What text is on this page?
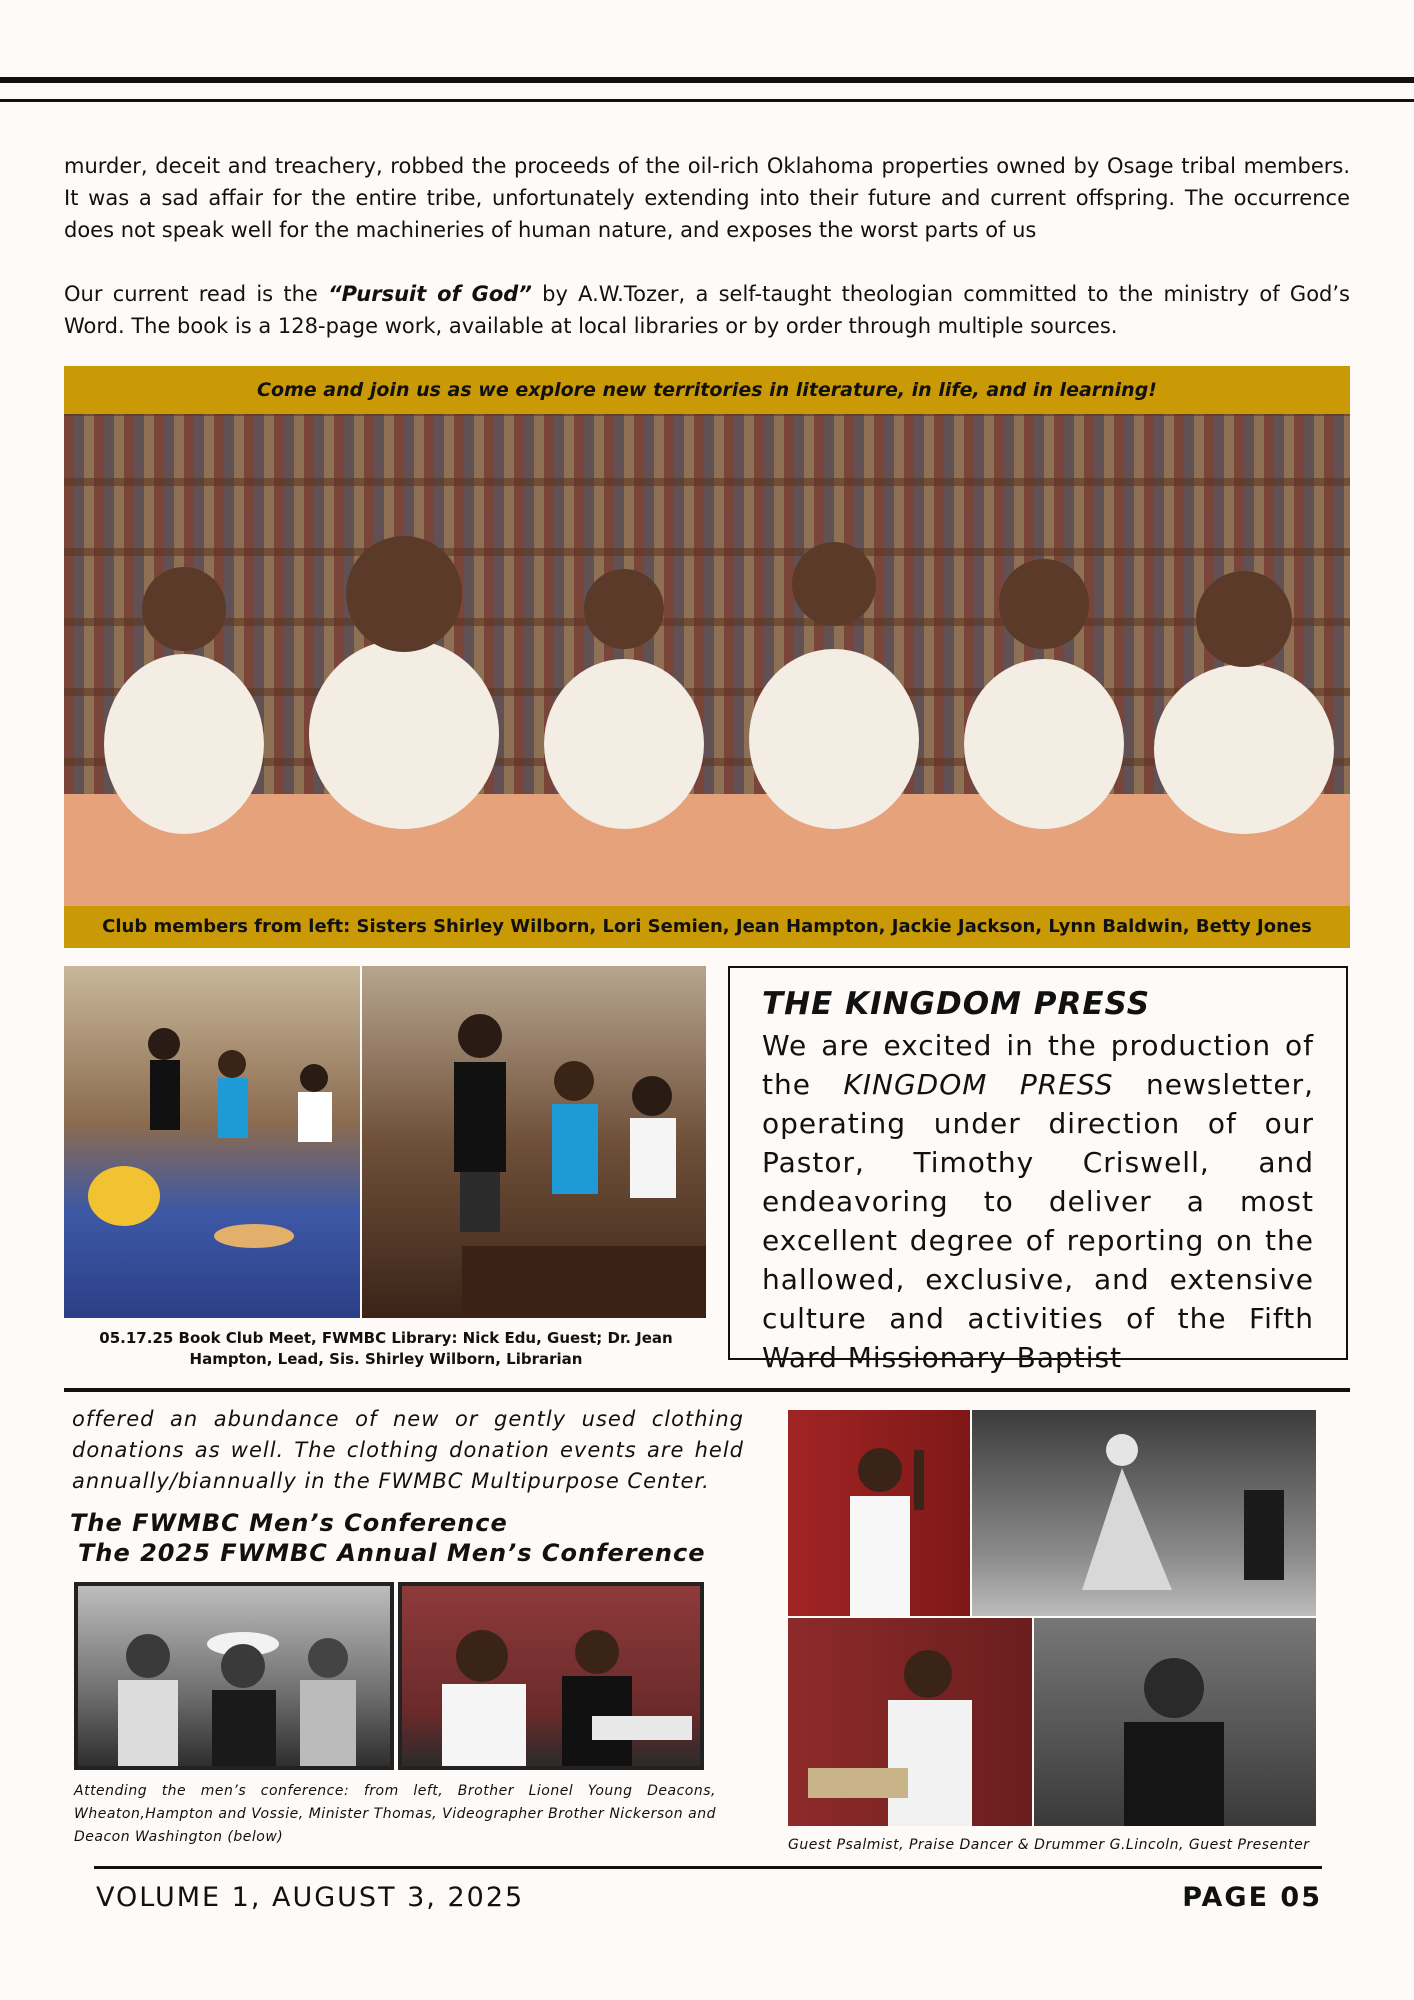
murder, deceit and treachery, robbed the proceeds of the oil-rich Oklahoma properties owned by Osage tribal members. It was a sad affair for the entire tribe, unfortunately extending into their future and current offspring. The occurrence does not speak well for the machineries of human nature, and exposes the worst parts of us

Our current read is the “Pursuit of God” by A.W.Tozer, a self-taught theologian committed to the ministry of God’s Word. The book is a 128-page work, available at local libraries or by order through multiple sources.

Come and join us as we explore new territories in literature, in life, and in learning!
Club members from left: Sisters Shirley Wilborn, Lori Semien, Jean Hampton, Jackie Jackson, Lynn Baldwin, Betty Jones
05.17.25 Book Club Meet, FWMBC Library: Nick Edu, Guest; Dr. Jean Hampton, Lead, Sis. Shirley Wilborn, Librarian
THE KINGDOM PRESS

We are excited in the production of the KINGDOM PRESS newsletter, operating under direction of our Pastor, Timothy Criswell, and endeavoring to deliver a most excellent degree of reporting on the hallowed, exclusive, and extensive culture and activities of the Fifth Ward Missionary Baptist

offered an abundance of new or gently used clothing donations as well. The clothing donation events are held annually/biannually in the FWMBC Multipurpose Center.

The FWMBC Men’s Conference
The 2025 FWMBC Annual Men’s Conference
Attending the men’s conference: from left, Brother Lionel Young Deacons, Wheaton,Hampton and Vossie, Minister Thomas, Videographer Brother Nickerson and Deacon Washington (below)	Guest Psalmist, Praise Dancer & Drummer G.Lincoln, Guest Presenter
VOLUME 1, AUGUST 3, 2025	PAGE 05
